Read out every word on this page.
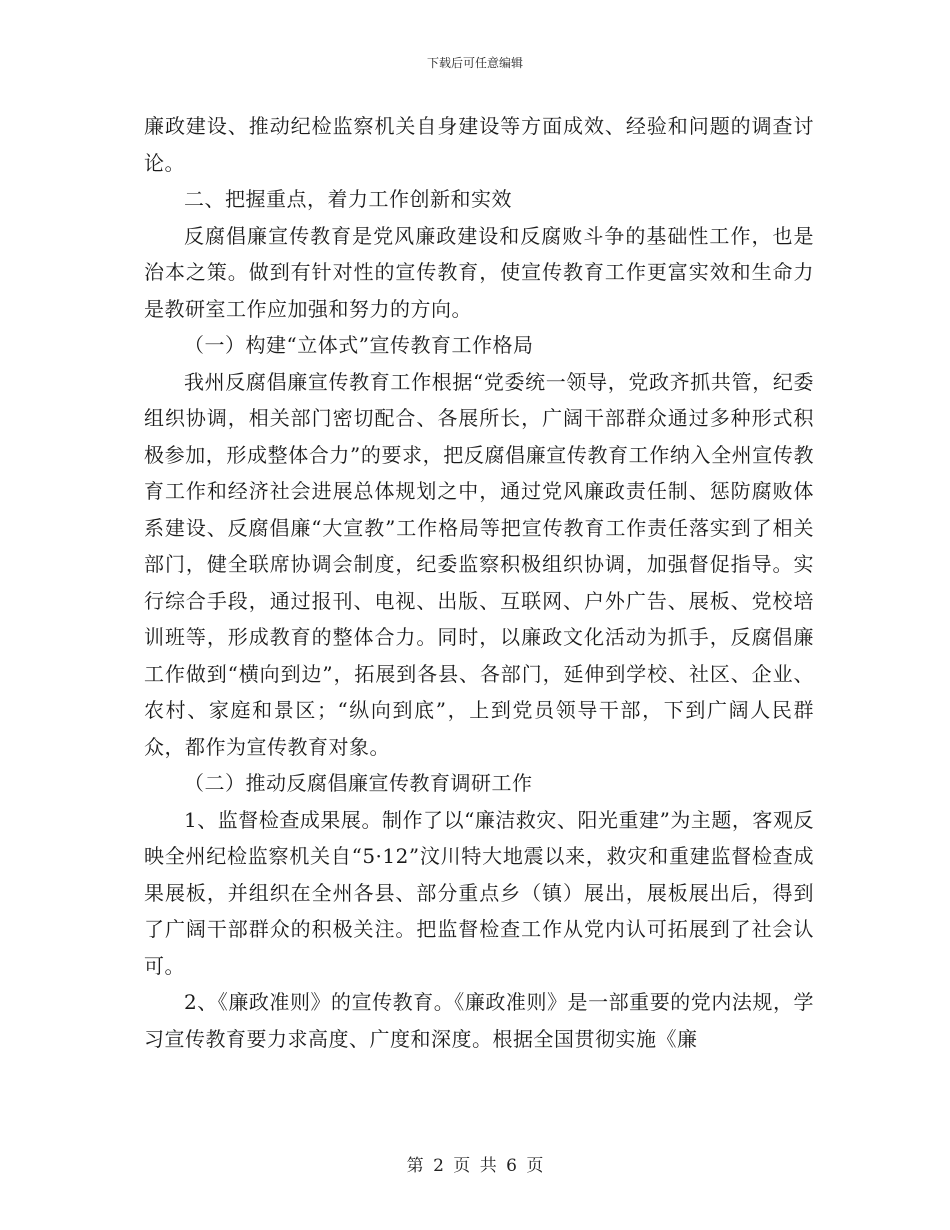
下载后可任意编辑

廉政建设、推动纪检监察机关自身建设等方面成效、经验和问题的调查讨论。

二、把握重点，着力工作创新和实效

反腐倡廉宣传教育是党风廉政建设和反腐败斗争的基础性工作，也是治本之策。做到有针对性的宣传教育，使宣传教育工作更富实效和生命力是教研室工作应加强和努力的方向。

（一）构建“立体式”宣传教育工作格局

我州反腐倡廉宣传教育工作根据“党委统一领导，党政齐抓共管，纪委组织协调，相关部门密切配合、各展所长，广阔干部群众通过多种形式积极参加，形成整体合力”的要求，把反腐倡廉宣传教育工作纳入全州宣传教育工作和经济社会进展总体规划之中，通过党风廉政责任制、惩防腐败体系建设、反腐倡廉“大宣教”工作格局等把宣传教育工作责任落实到了相关部门，健全联席协调会制度，纪委监察积极组织协调，加强督促指导。实行综合手段，通过报刊、电视、出版、互联网、户外广告、展板、党校培训班等，形成教育的整体合力。同时，以廉政文化活动为抓手，反腐倡廉工作做到“横向到边”，拓展到各县、各部门，延伸到学校、社区、企业、农村、家庭和景区；“纵向到底”，上到党员领导干部，下到广阔人民群众，都作为宣传教育对象。

（二）推动反腐倡廉宣传教育调研工作

1、监督检查成果展。制作了以“廉洁救灾、阳光重建”为主题，客观反映全州纪检监察机关自“5·12”汶川特大地震以来，救灾和重建监督检查成果展板，并组织在全州各县、部分重点乡（镇）展出，展板展出后，得到了广阔干部群众的积极关注。把监督检查工作从党内认可拓展到了社会认可。

2、《廉政准则》的宣传教育。《廉政准则》是一部重要的党内法规，学习宣传教育要力求高度、广度和深度。根据全国贯彻实施《廉

第 2 页 共 6 页
